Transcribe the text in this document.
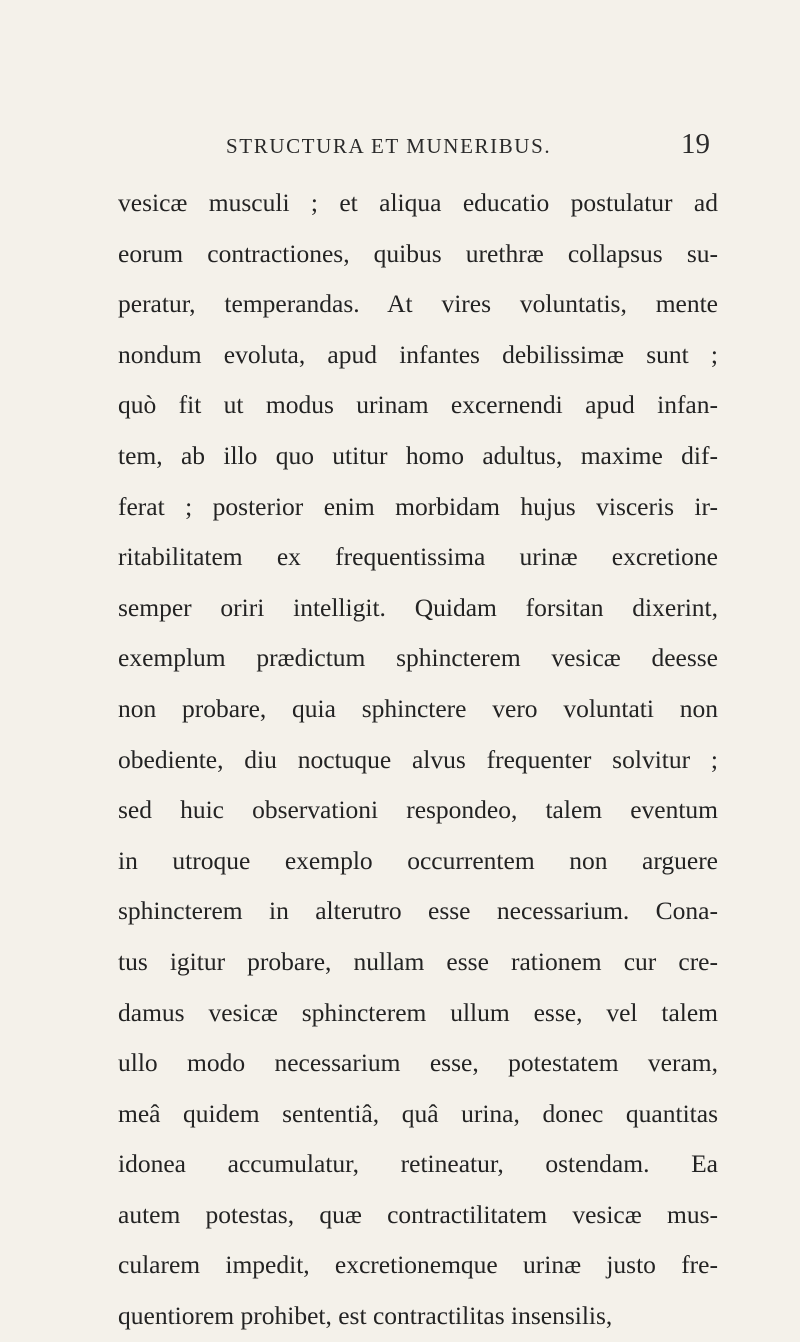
STRUCTURA ET MUNERIBUS.	19
vesicæ musculi ; et aliqua educatio postulatur ad
eorum contractiones, quibus urethræ collapsus su-
peratur, temperandas. At vires voluntatis, mente
nondum evoluta, apud infantes debilissimæ sunt ;
quò fit ut modus urinam excernendi apud infan-
tem, ab illo quo utitur homo adultus, maxime dif-
ferat ; posterior enim morbidam hujus visceris ir-
ritabilitatem ex frequentissima urinæ excretione
semper oriri intelligit. Quidam forsitan dixerint,
exemplum prædictum sphincterem vesicæ deesse
non probare, quia sphinctere vero voluntati non
obediente, diu noctuque alvus frequenter solvitur ;
sed huic observationi respondeo, talem eventum
in utroque exemplo occurrentem non arguere
sphincterem in alterutro esse necessarium. Cona-
tus igitur probare, nullam esse rationem cur cre-
damus vesicæ sphincterem ullum esse, vel talem
ullo modo necessarium esse, potestatem veram,
meâ quidem sententiâ, quâ urina, donec quantitas
idonea accumulatur, retineatur, ostendam. Ea
autem potestas, quæ contractilitatem vesicæ mus-
cularem impedit, excretionemque urinæ justo fre-
quentiorem prohibet, est contractilitas insensilis,
